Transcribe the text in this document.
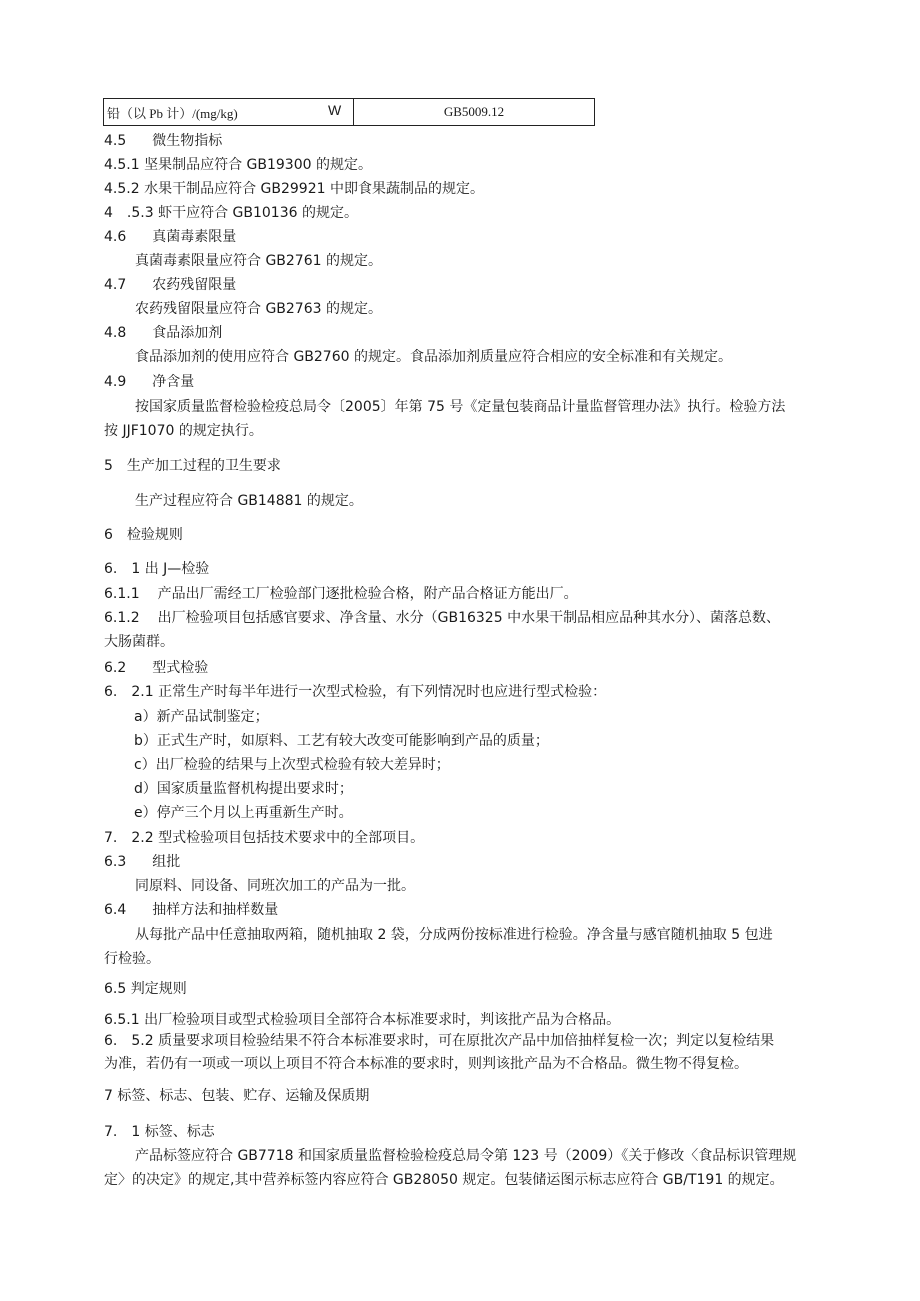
铅（以 Pb 计）/(mg/kg)	W		GB5009.12
4.5 微生物指标
4.5.1 坚果制品应符合 GB19300 的规定。
4.5.2 水果干制品应符合 GB29921 中即食果蔬制品的规定。
4　.5.3 虾干应符合 GB10136 的规定。
4.6 真菌毒素限量
真菌毒素限量应符合 GB2761 的规定。
4.7 农药残留限量
农药残留限量应符合 GB2763 的规定。
4.8 食品添加剂
食品添加剂的使用应符合 GB2760 的规定。食品添加剂质量应符合相应的安全标准和有关规定。
4.9 净含量
按国家质量监督检验检疫总局令〔2005〕年第 75 号《定量包装商品计量监督管理办法》执行。检验方法
按 JJF1070 的规定执行。
5　生产加工过程的卫生要求
生产过程应符合 GB14881 的规定。
6　检验规则
6.　1 出 J—检验
6.1.1 产品出厂需经工厂检验部门逐批检验合格，附产品合格证方能出厂。
6.1.2 出厂检验项目包括感官要求、净含量、水分（GB16325 中水果干制品相应品种其水分）、菌落总数、
大肠菌群。
6.2 型式检验
6.　2.1 正常生产时每半年进行一次型式检验，有下列情况时也应进行型式检验：
a）新产品试制鉴定；
b）正式生产时，如原料、工艺有较大改变可能影响到产品的质量；
c）出厂检验的结果与上次型式检验有较大差异时；
d）国家质量监督机构提出要求时；
e）停产三个月以上再重新生产时。
7.　2.2 型式检验项目包括技术要求中的全部项目。
6.3 组批
同原料、同设备、同班次加工的产品为一批。
6.4 抽样方法和抽样数量
从每批产品中任意抽取两箱，随机抽取 2 袋，分成两份按标准进行检验。净含量与感官随机抽取 5 包进
行检验。
6.5 判定规则
6.5.1 出厂检验项目或型式检验项目全部符合本标准要求时，判该批产品为合格品。
6.　5.2 质量要求项目检验结果不符合本标准要求时，可在原批次产品中加倍抽样复检一次；判定以复检结果
为准，若仍有一项或一项以上项目不符合本标准的要求时，则判该批产品为不合格品。微生物不得复检。
7 标签、标志、包装、贮存、运输及保质期
7.　1 标签、标志
产品标签应符合 GB7718 和国家质量监督检验检疫总局令第 123 号（2009）《关于修改〈食品标识管理规
定〉的决定》的规定,其中营养标签内容应符合 GB28050 规定。包装储运图示标志应符合 GB/T191 的规定。
